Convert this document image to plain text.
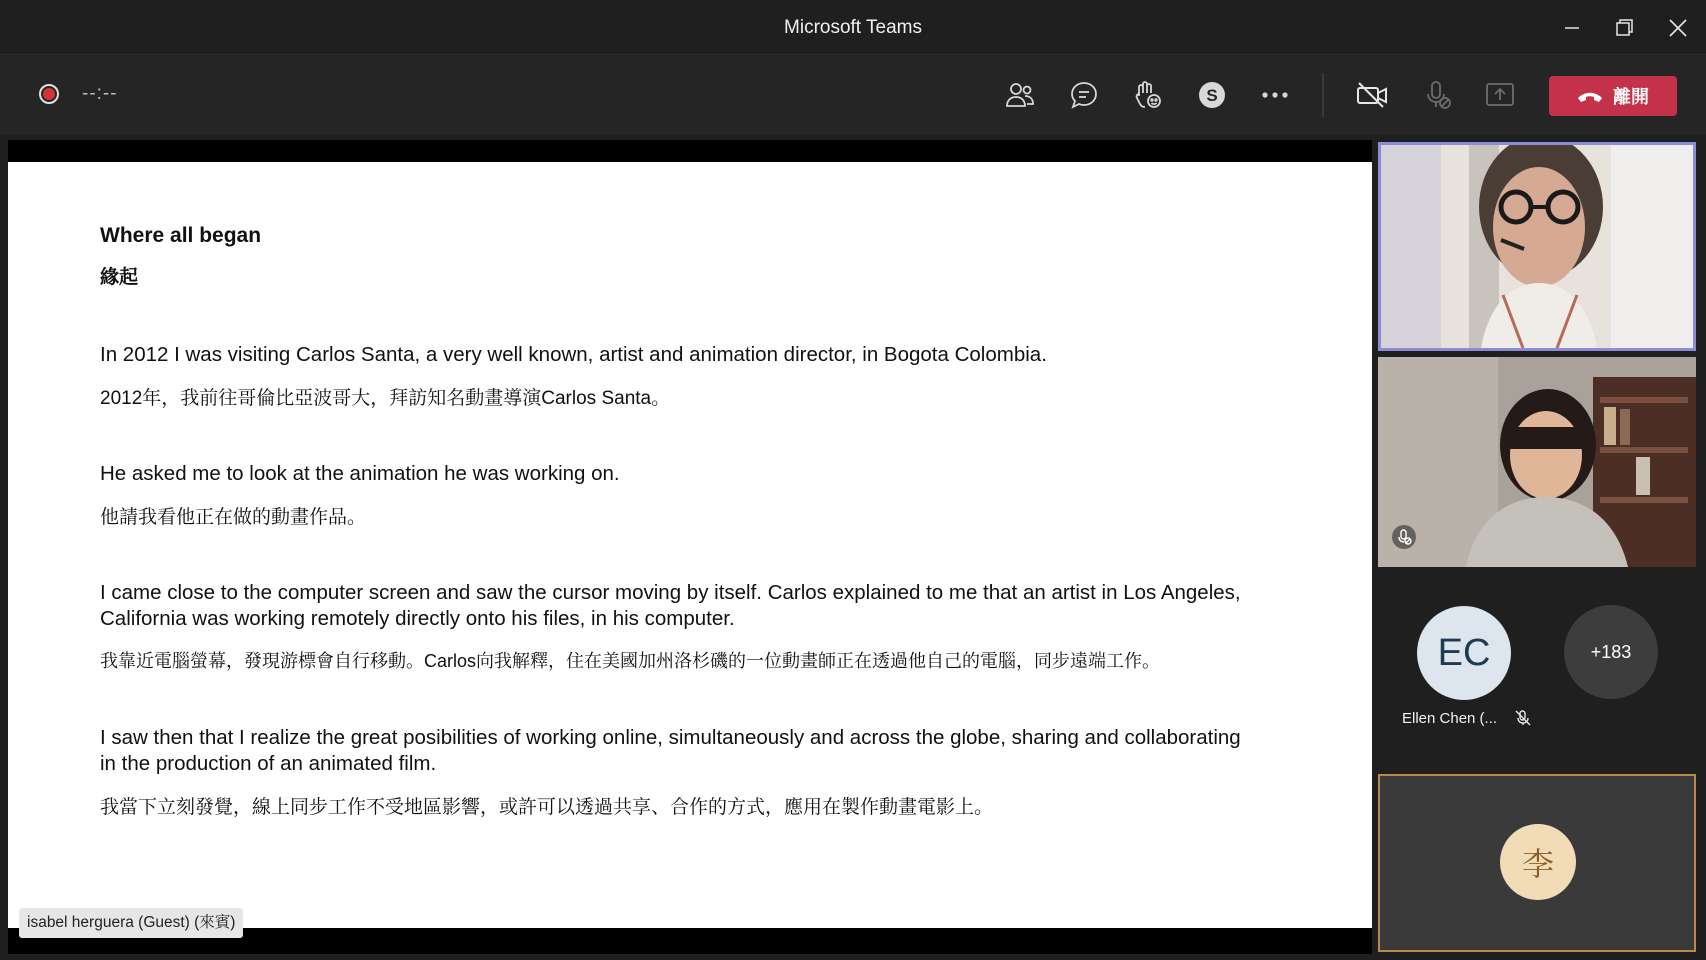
Microsoft Teams
--:--	S	離開

Where all began

緣起

In 2012 I was visiting Carlos Santa, a very well known, artist and animation director, in Bogota Colombia.

2012年，我前往哥倫比亞波哥大，拜訪知名動畫導演Carlos Santa。

He asked me to look at the animation he was working on.

他請我看他正在做的動畫作品。

I came close to the computer screen and saw the cursor moving by itself. Carlos explained to me that an artist in Los Angeles,

California was working remotely directly onto his files, in his computer.

我靠近電腦螢幕，發現游標會自行移動。Carlos向我解釋，住在美國加州洛杉磯的一位動畫師正在透過他自己的電腦，同步遠端工作。

I saw then that I realize the great posibilities of working online, simultaneously and across the globe, sharing and collaborating

in the production of an animated film.

我當下立刻發覺，線上同步工作不受地區影響，或許可以透過共享、合作的方式，應用在製作動畫電影上。

isabel herguera (Guest) (來賓)
EC
Ellen Chen (...
+183
李
